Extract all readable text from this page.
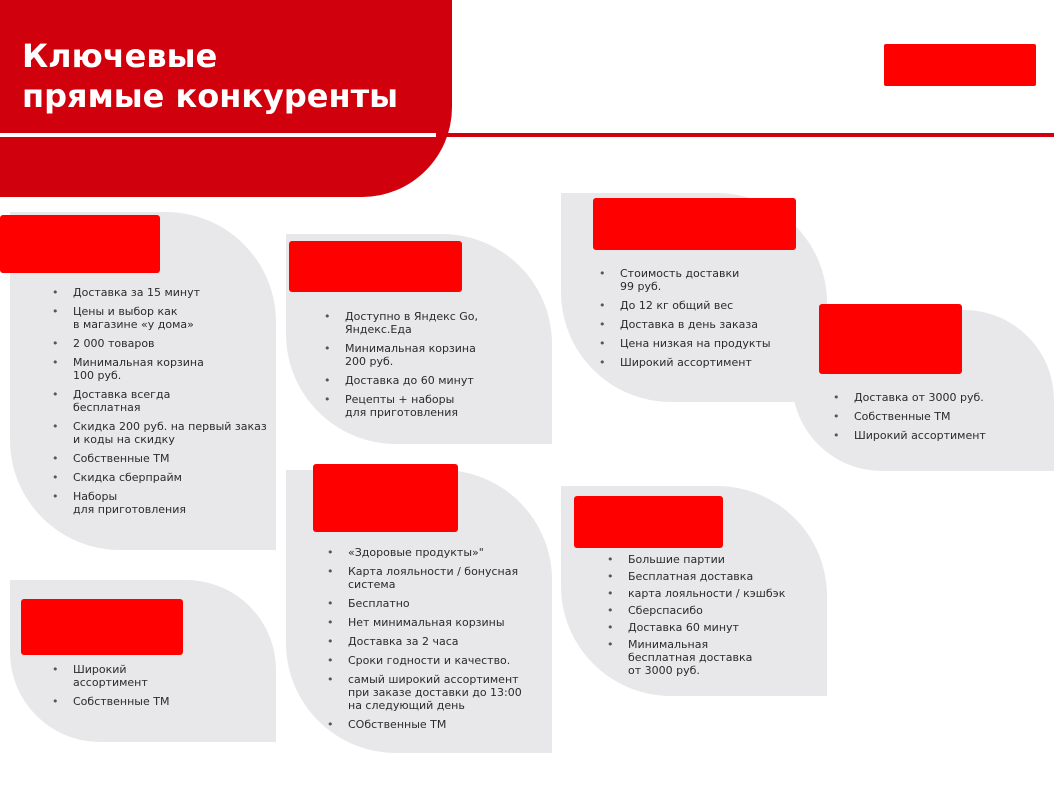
Ключевые
прямые конкуренты
• Доставка за 15 минут
• Цены и выбор как
в магазине «у дома»
• 2 000 товаров
• Минимальная корзина
100 руб.
• Доставка всегда
бесплатная
• Скидка 200 руб. на первый заказ
и коды на скидку
• Собственные ТМ
• Скидка сберпрайм
• Наборы
для приготовления
• Широкий
ассортимент
• Собственные ТМ
• Доступно в Яндекс Go,
Яндекс.Еда
• Минимальная корзина
200 руб.
• Доставка до 60 минут
• Рецепты + наборы
для приготовления
• «Здоровые продукты»"
• Карта лояльности / бонусная
система
• Бесплатно
• Нет минимальная корзины
• Доставка за 2 часа
• Сроки годности и качество.
• самый широкий ассортимент
при заказе доставки до 13:00
на следующий день
• СОбственные ТМ
• Стоимость доставки
99 руб.
• До 12 кг общий вес
• Доставка в день заказа
• Цена низкая на продукты
• Широкий ассортимент
• Большие партии
• Бесплатная доставка
• карта лояльности / кэшбэк
• Сберспасибо
• Доставка 60 минут
• Минимальная
бесплатная доставка
от 3000 руб.
• Доставка от 3000 руб.
• Собственные ТМ
• Широкий ассортимент
